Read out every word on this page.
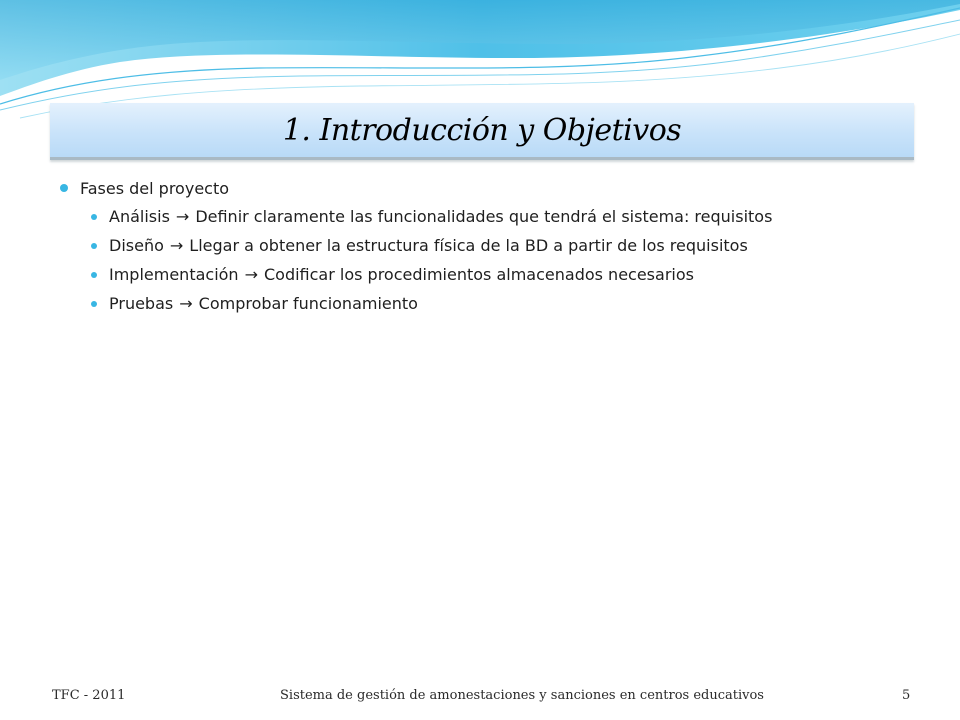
1. Introducción y Objetivos
Fases del proyecto
Análisis → Definir claramente las funcionalidades que tendrá el sistema: requisitos
Diseño → Llegar a obtener la estructura física de la BD a partir de los requisitos
Implementación → Codificar los procedimientos almacenados necesarios
Pruebas → Comprobar funcionamiento
TFC - 2011	Sistema de gestión de amonestaciones y sanciones en centros educativos	5
